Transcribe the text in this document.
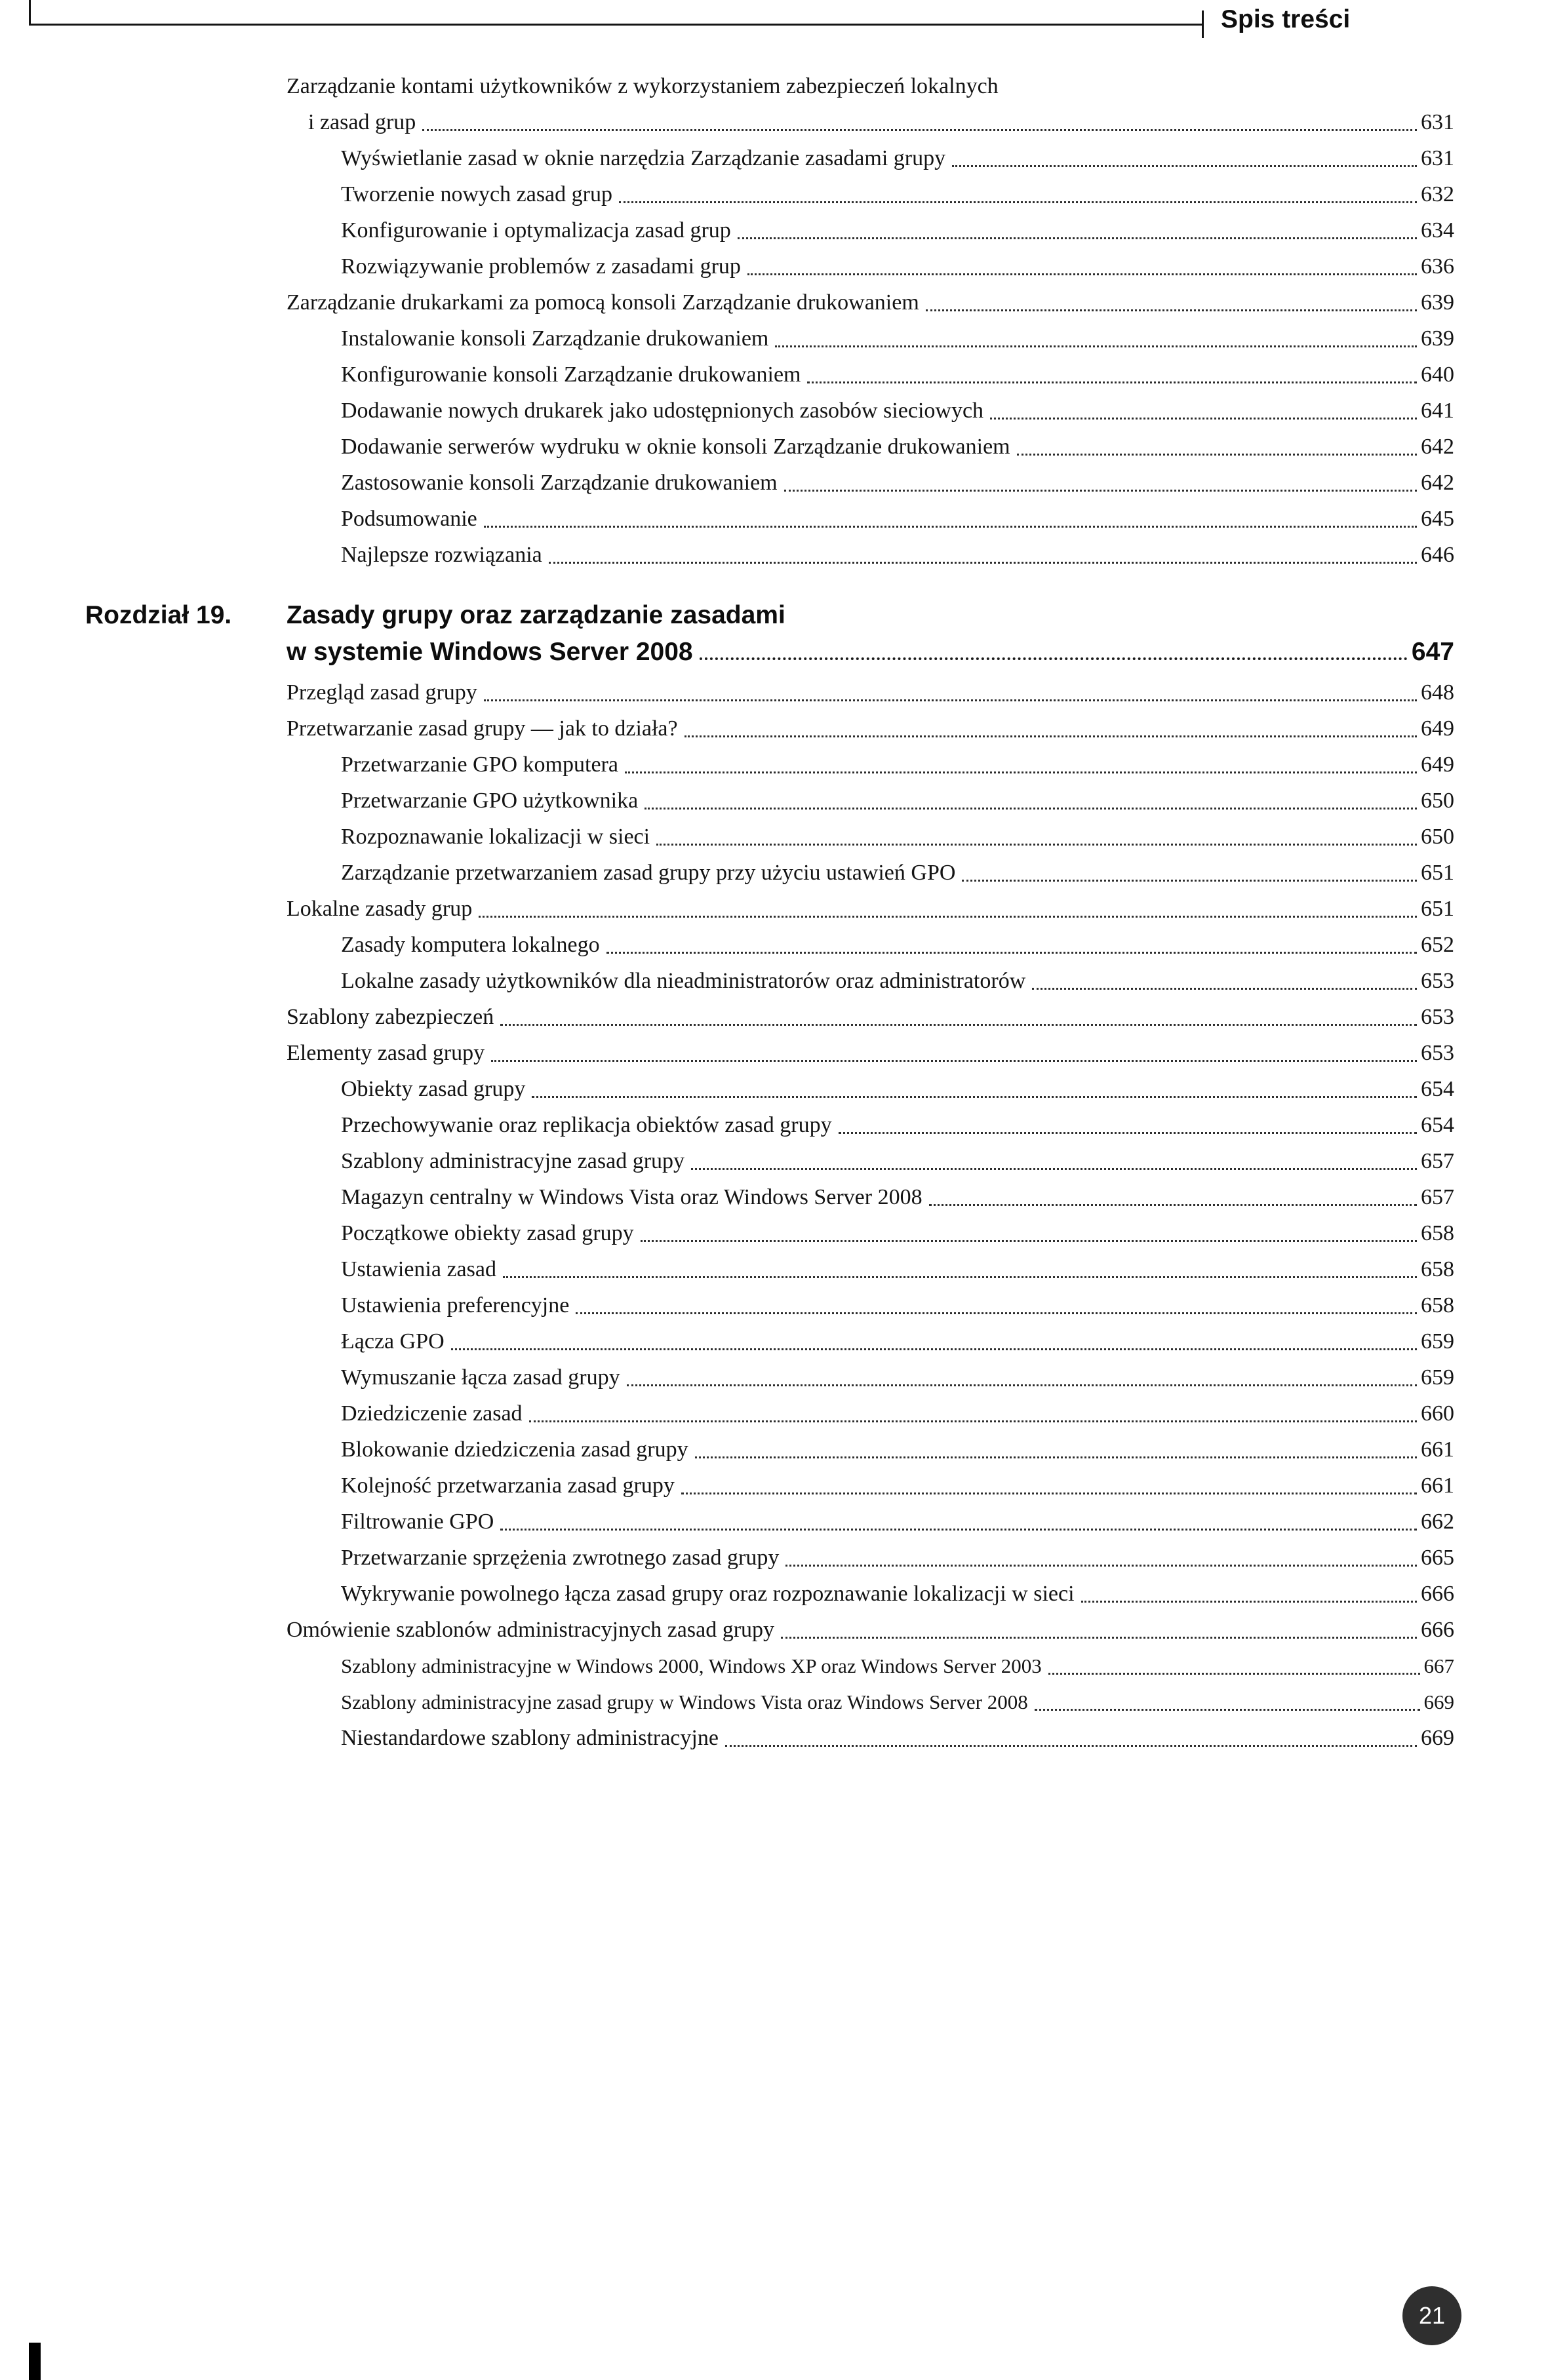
Spis treści
Zarządzanie kontami użytkowników z wykorzystaniem zabezpieczeń lokalnych
i zasad grup	631
Wyświetlanie zasad w oknie narzędzia Zarządzanie zasadami grupy	631
Tworzenie nowych zasad grup	632
Konfigurowanie i optymalizacja zasad grup	634
Rozwiązywanie problemów z zasadami grup	636
Zarządzanie drukarkami za pomocą konsoli Zarządzanie drukowaniem	639
Instalowanie konsoli Zarządzanie drukowaniem	639
Konfigurowanie konsoli Zarządzanie drukowaniem	640
Dodawanie nowych drukarek jako udostępnionych zasobów sieciowych	641
Dodawanie serwerów wydruku w oknie konsoli Zarządzanie drukowaniem	642
Zastosowanie konsoli Zarządzanie drukowaniem	642
Podsumowanie	645
Najlepsze rozwiązania	646
Rozdział 19.	Zasady grupy oraz zarządzanie zasadami
w systemie Windows Server 2008	647
Przegląd zasad grupy	648
Przetwarzanie zasad grupy — jak to działa?	649
Przetwarzanie GPO komputera	649
Przetwarzanie GPO użytkownika	650
Rozpoznawanie lokalizacji w sieci	650
Zarządzanie przetwarzaniem zasad grupy przy użyciu ustawień GPO	651
Lokalne zasady grup	651
Zasady komputera lokalnego	652
Lokalne zasady użytkowników dla nieadministratorów oraz administratorów	653
Szablony zabezpieczeń	653
Elementy zasad grupy	653
Obiekty zasad grupy	654
Przechowywanie oraz replikacja obiektów zasad grupy	654
Szablony administracyjne zasad grupy	657
Magazyn centralny w Windows Vista oraz Windows Server 2008	657
Początkowe obiekty zasad grupy	658
Ustawienia zasad	658
Ustawienia preferencyjne	658
Łącza GPO	659
Wymuszanie łącza zasad grupy	659
Dziedziczenie zasad	660
Blokowanie dziedziczenia zasad grupy	661
Kolejność przetwarzania zasad grupy	661
Filtrowanie GPO	662
Przetwarzanie sprzężenia zwrotnego zasad grupy	665
Wykrywanie powolnego łącza zasad grupy oraz rozpoznawanie lokalizacji w sieci	666
Omówienie szablonów administracyjnych zasad grupy	666
Szablony administracyjne w Windows 2000, Windows XP oraz Windows Server 2003	667
Szablony administracyjne zasad grupy w Windows Vista oraz Windows Server 2008	669
Niestandardowe szablony administracyjne	669
21
